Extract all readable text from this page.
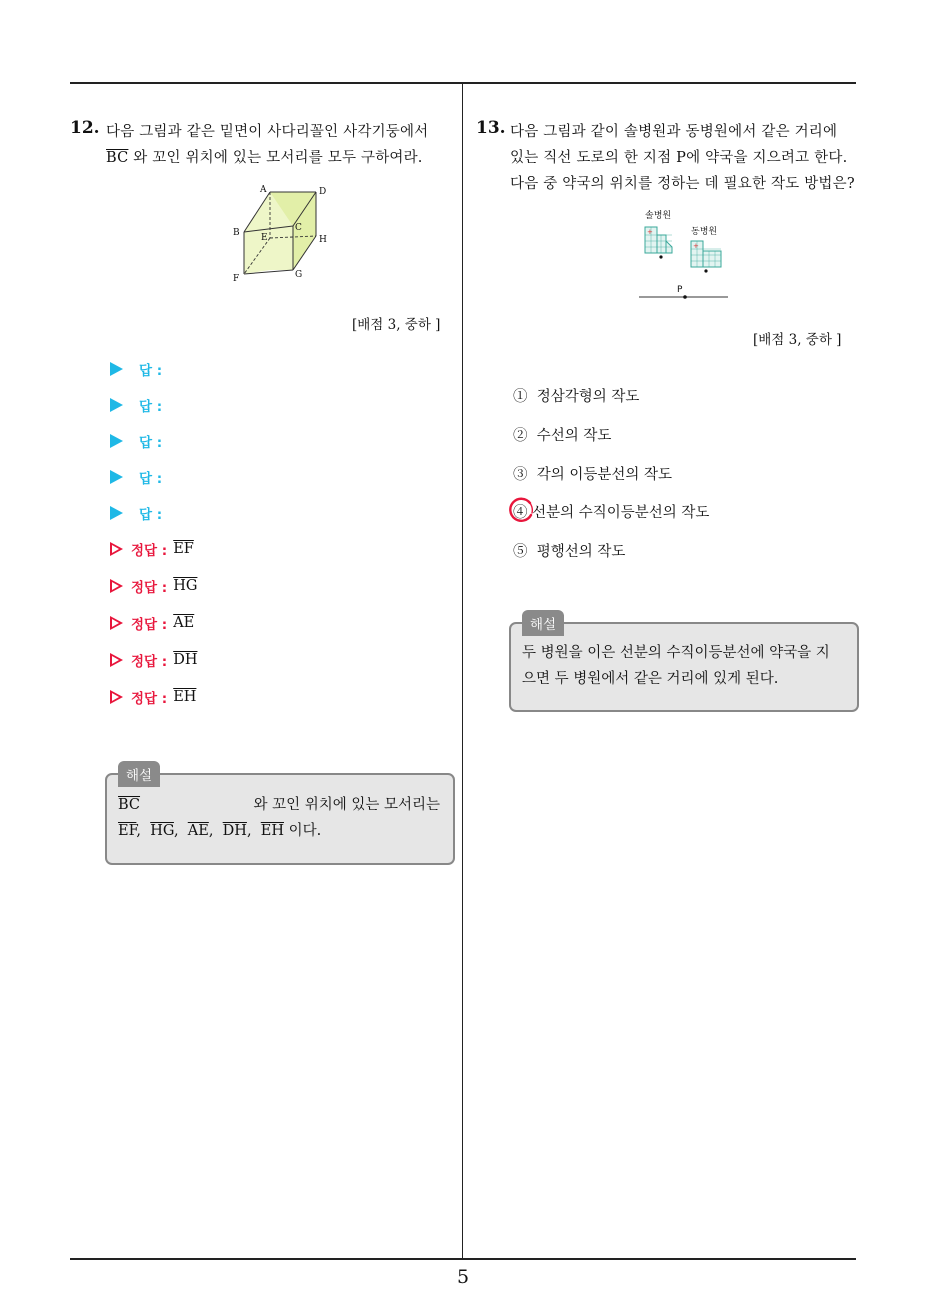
12. 다음 그림과 같은 밑면이 사다리꼴인 사각기둥에서
$\overline{BC}$ 와 꼬인 위치에 있는 모서리를 모두 구하여라.
A	D
B	C
E	H
F	G
[배점 3, 중하 ]
답 :
답 :
답 :
답 :
답 :
정답 : $\overline{EF}$
정답 : $\overline{HG}$
정답 : $\overline{AE}$
정답 : $\overline{DH}$
정답 : $\overline{EH}$
해설
$\overline{BC}$	와 꼬인 위치에 있는 모서리는
$\overline{EF}$,  $\overline{HG}$,  $\overline{AE}$,  $\overline{DH}$,  $\overline{EH}$ 이다.
13. 다음 그림과 같이 솔병원과 동병원에서 같은 거리에
있는 직선 도로의 한 지점 P에 약국을 지으려고 한다.
다음 중 약국의 위치를 정하는 데 필요한 작도 방법은?
솔병원
동병원
P
+
+
[배점 3, 중하 ]
① 정삼각형의 작도
② 수선의 작도
③ 각의 이등분선의 작도
④ 선분의 수직이등분선의 작도
⑤ 평행선의 작도
해설
두 병원을 이은 선분의 수직이등분선에 약국을 지
으면 두 병원에서 같은 거리에 있게 된다.
5
